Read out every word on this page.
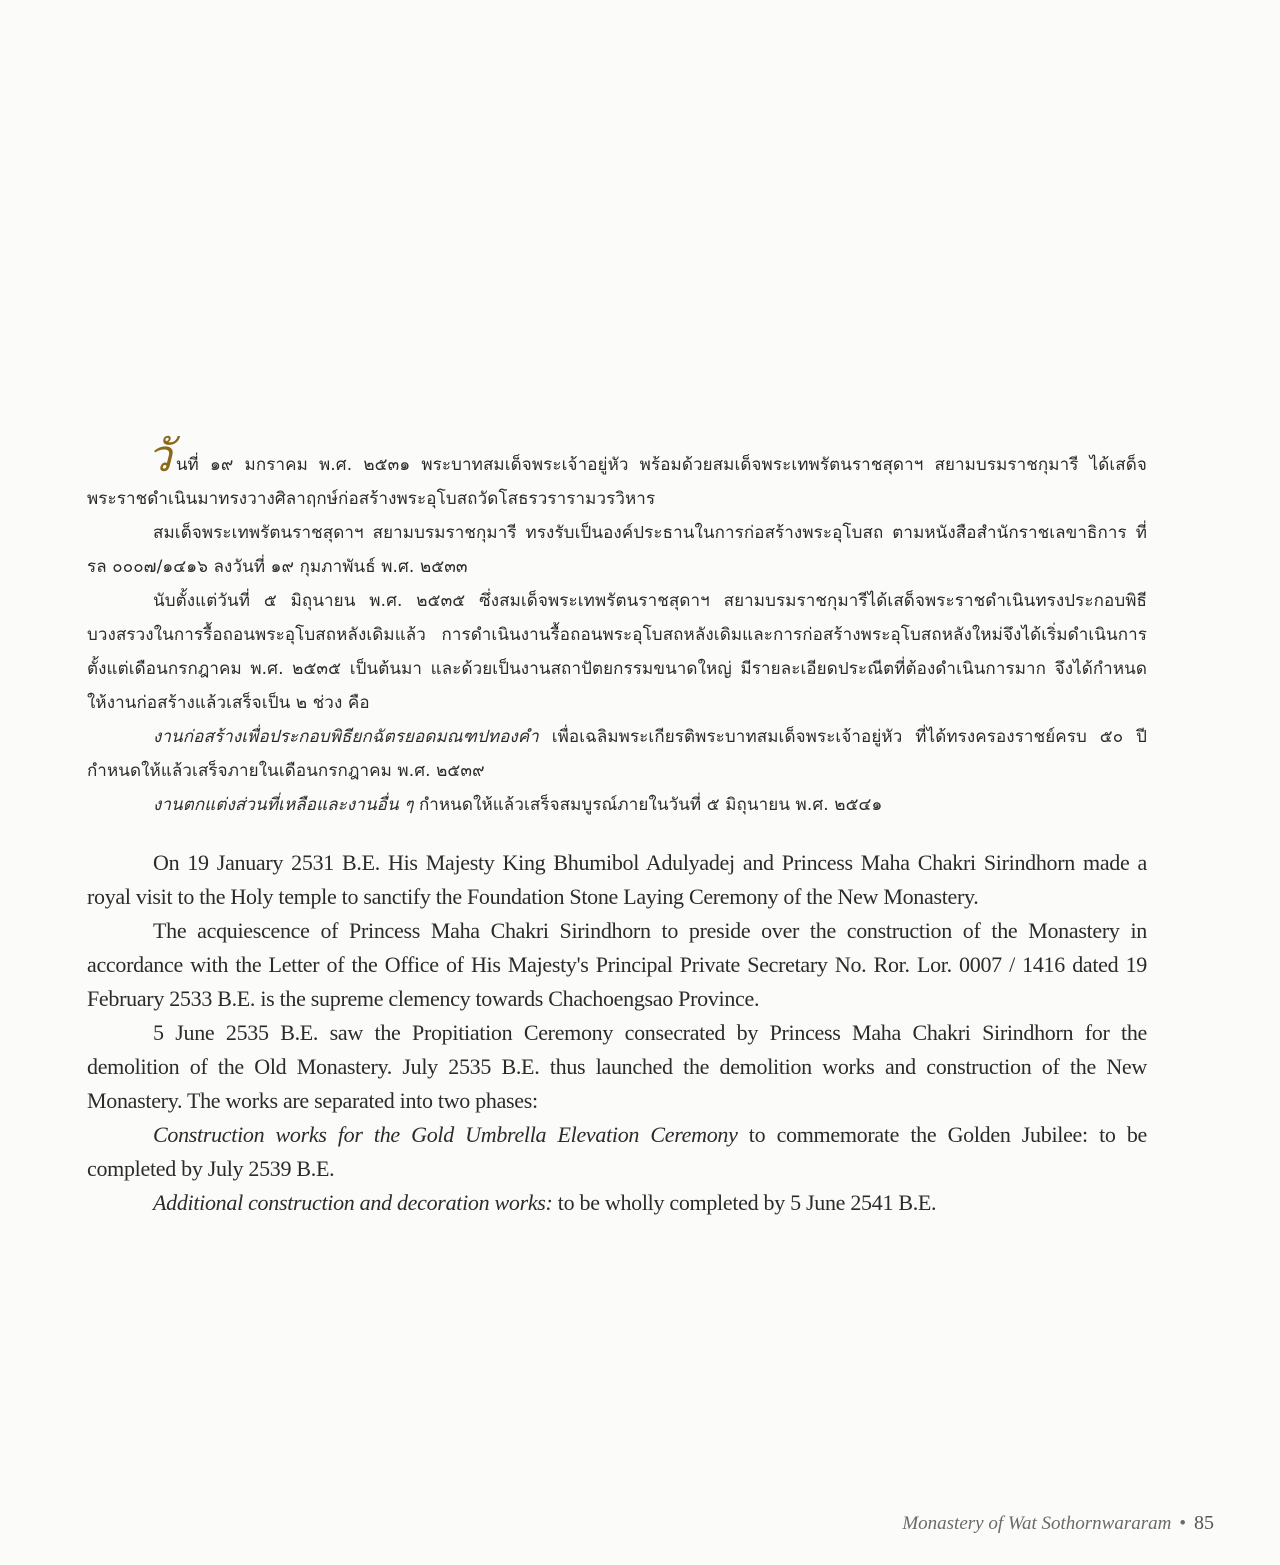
วันที่ ๑๙ มกราคม พ.ศ. ๒๕๓๑ พระบาทสมเด็จพระเจ้าอยู่หัว พร้อมด้วยสมเด็จพระเทพรัตนราชสุดาฯ สยามบรมราชกุมารี ได้เสด็จพระราชดำเนินมาทรงวางศิลาฤกษ์ก่อสร้างพระอุโบสถวัดโสธรวรารามวรวิหาร

สมเด็จพระเทพรัตนราชสุดาฯ สยามบรมราชกุมารี ทรงรับเป็นองค์ประธานในการก่อสร้างพระอุโบสถ ตามหนังสือสำนักราชเลขาธิการ ที่ รล ๐๐๐๗/๑๔๑๖ ลงวันที่ ๑๙ กุมภาพันธ์ พ.ศ. ๒๕๓๓

นับตั้งแต่วันที่ ๕ มิถุนายน พ.ศ. ๒๕๓๕ ซึ่งสมเด็จพระเทพรัตนราชสุดาฯ สยามบรมราชกุมารีได้เสด็จพระราชดำเนินทรงประกอบพิธีบวงสรวงในการรื้อถอนพระอุโบสถหลังเดิมแล้ว การดำเนินงานรื้อถอนพระอุโบสถหลังเดิมและการก่อสร้างพระอุโบสถหลังใหม่จึงได้เริ่มดำเนินการตั้งแต่เดือนกรกฎาคม พ.ศ. ๒๕๓๕ เป็นต้นมา และด้วยเป็นงานสถาปัตยกรรมขนาดใหญ่ มีรายละเอียดประณีตที่ต้องดำเนินการมาก จึงได้กำหนดให้งานก่อสร้างแล้วเสร็จเป็น ๒ ช่วง คือ

งานก่อสร้างเพื่อประกอบพิธียกฉัตรยอดมณฑปทองคำ เพื่อเฉลิมพระเกียรติพระบาทสมเด็จพระเจ้าอยู่หัว ที่ได้ทรงครองราชย์ครบ ๕๐ ปี กำหนดให้แล้วเสร็จภายในเดือนกรกฎาคม พ.ศ. ๒๕๓๙

งานตกแต่งส่วนที่เหลือและงานอื่น ๆ กำหนดให้แล้วเสร็จสมบูรณ์ภายในวันที่ ๕ มิถุนายน พ.ศ. ๒๕๔๑

On 19 January 2531 B.E. His Majesty King Bhumibol Adulyadej and Princess Maha Chakri Sirindhorn made a royal visit to the Holy temple to sanctify the Foundation Stone Laying Ceremony of the New Monastery.

The acquiescence of Princess Maha Chakri Sirindhorn to preside over the construction of the Monastery in accordance with the Letter of the Office of His Majesty's Principal Private Secretary No. Ror. Lor. 0007 / 1416 dated 19 February 2533 B.E. is the supreme clemency towards Chachoengsao Province.

5 June 2535 B.E. saw the Propitiation Ceremony consecrated by Princess Maha Chakri Sirindhorn for the demolition of the Old Monastery. July 2535 B.E. thus launched the demolition works and construction of the New Monastery. The works are separated into two phases:

Construction works for the Gold Umbrella Elevation Ceremony to commemorate the Golden Jubilee: to be completed by July 2539 B.E.

Additional construction and decoration works: to be wholly completed by 5 June 2541 B.E.

Monastery of Wat Sothornwararam • 85
